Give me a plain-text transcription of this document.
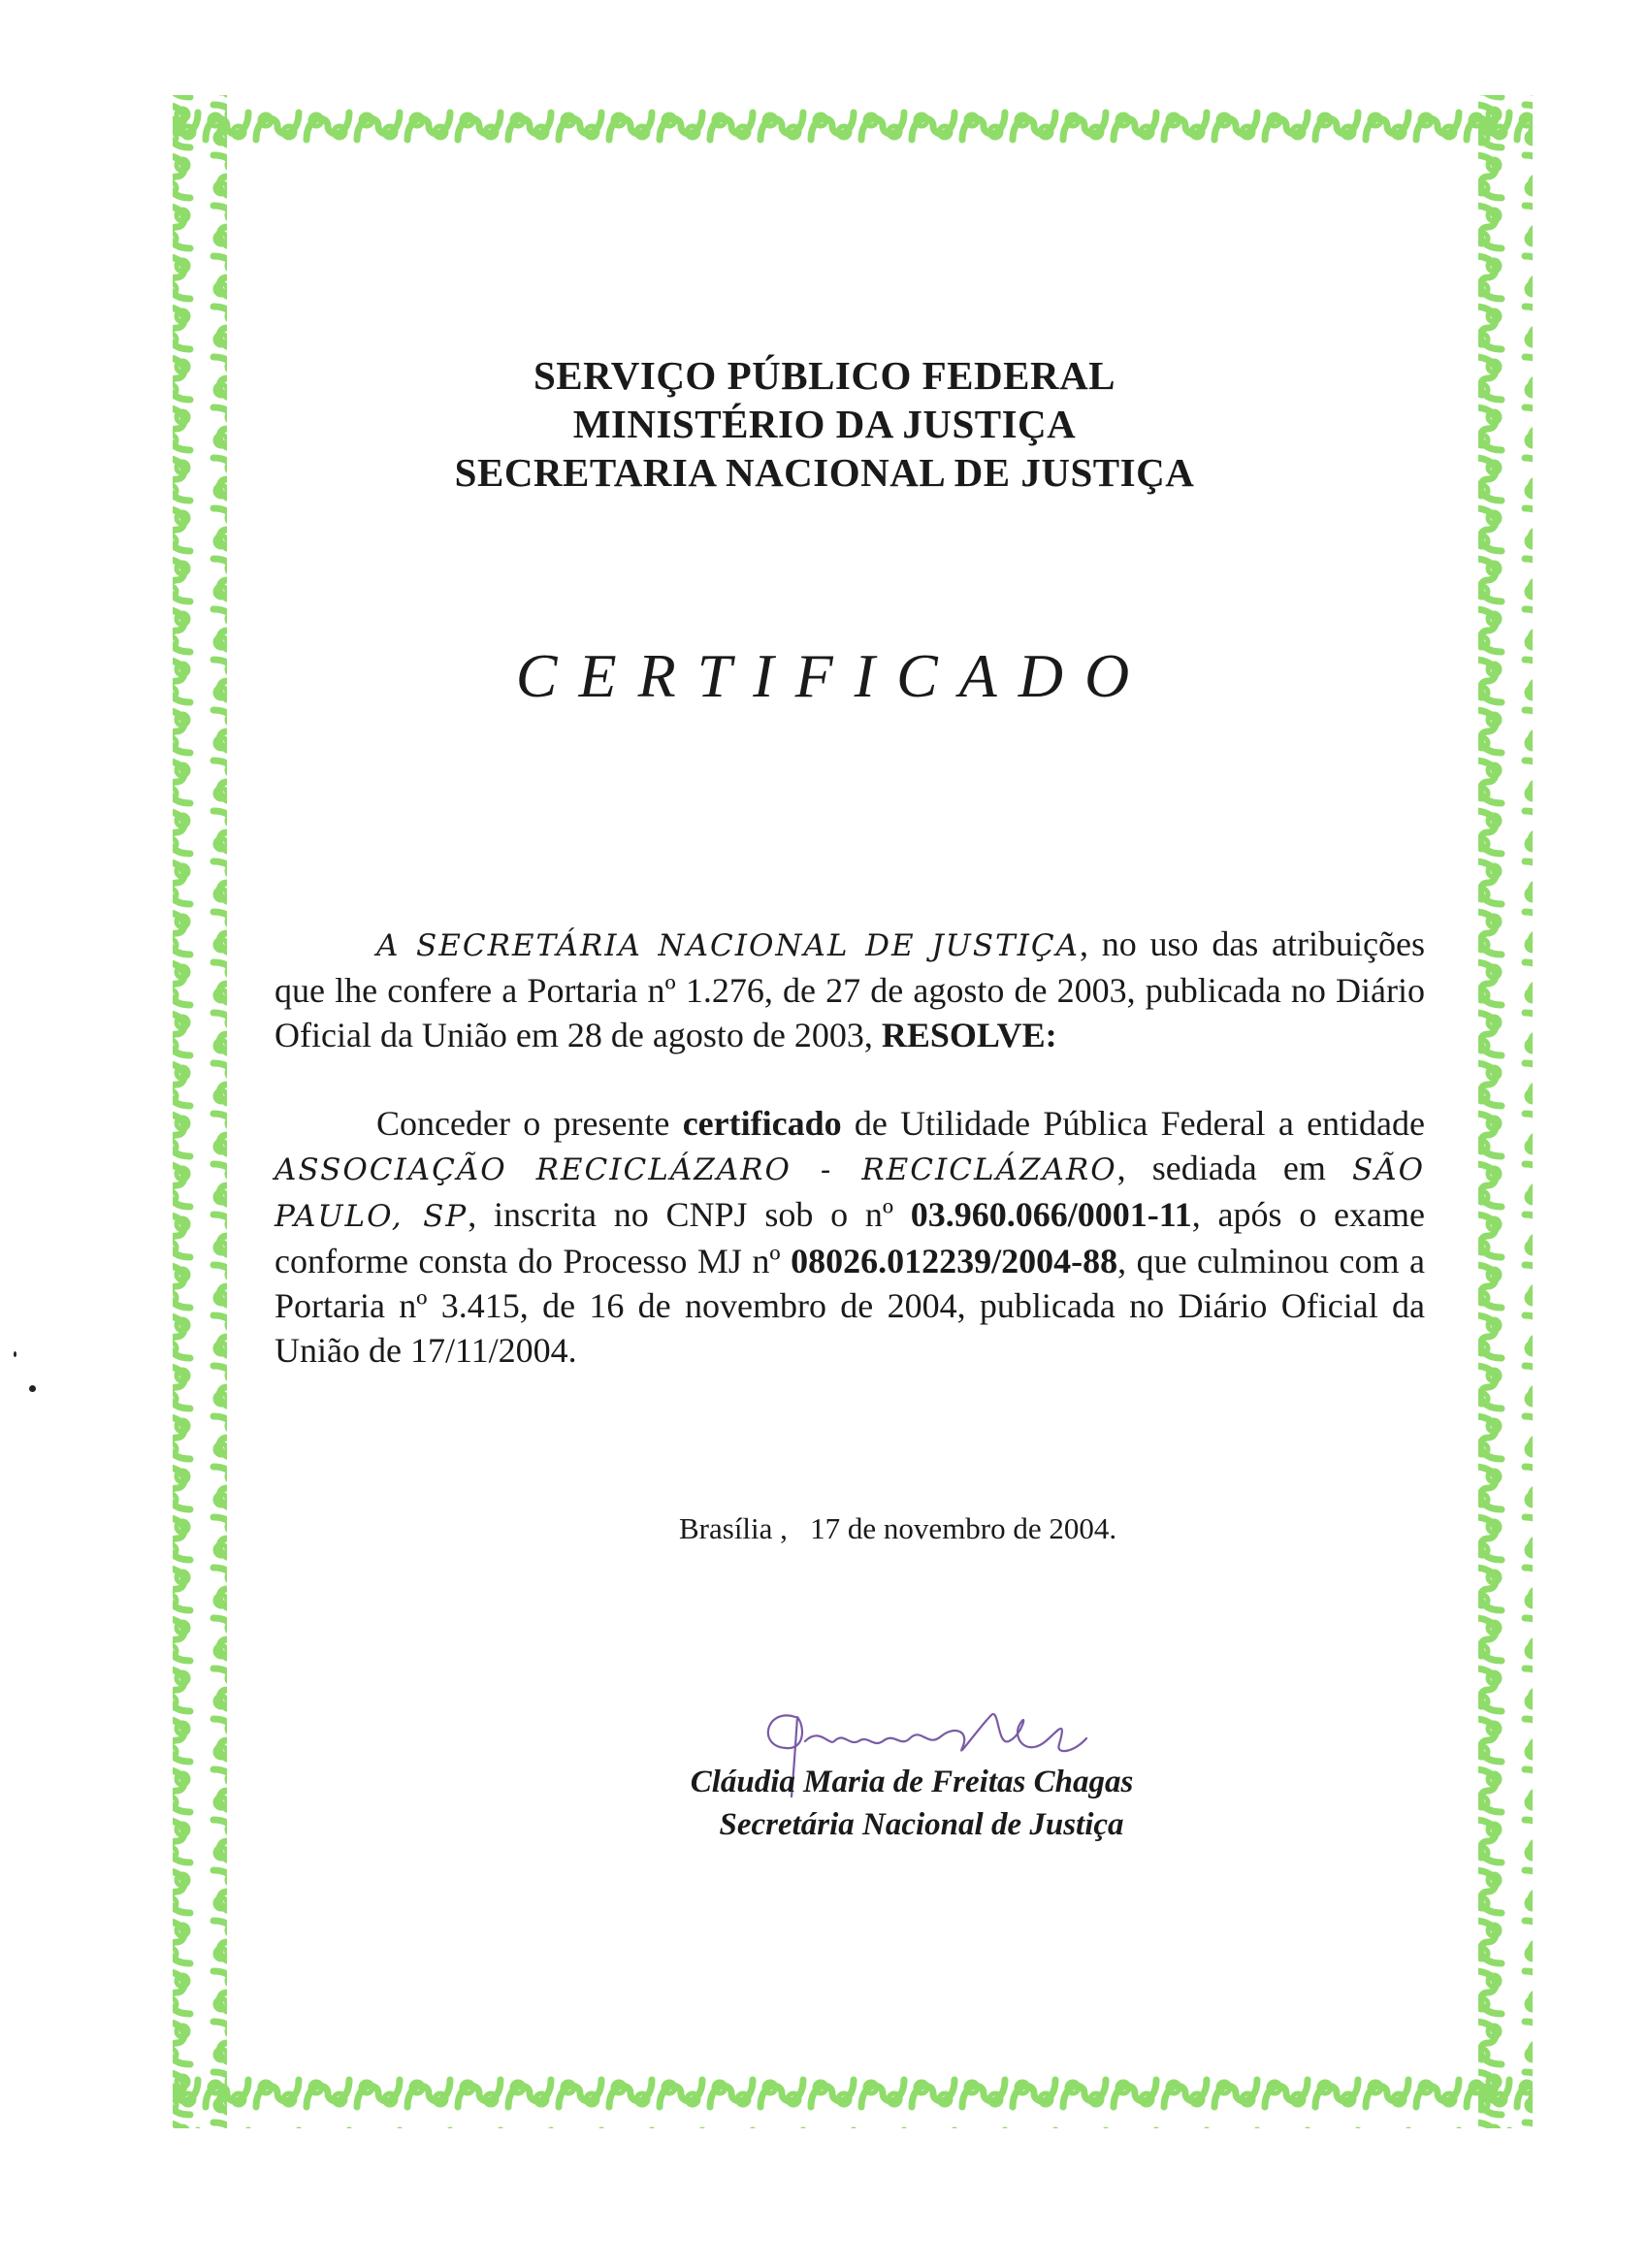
SERVIÇO PÚBLICO FEDERAL
MINISTÉRIO DA JUSTIÇA
SECRETARIA NACIONAL DE JUSTIÇA
CERTIFICADO
A SECRETÁRIA NACIONAL DE JUSTIÇA, no uso das atribuições que lhe confere a Portaria nº 1.276, de 27 de agosto de 2003, publicada no Diário Oficial da União em 28 de agosto de 2003, RESOLVE:
Conceder o presente certificado de Utilidade Pública Federal a entidade ASSOCIAÇÃO RECICLÁZARO - RECICLÁZARO, sediada em SÃO PAULO, SP, inscrita no CNPJ sob o nº 03.960.066/0001-11, após o exame conforme consta do Processo MJ nº 08026.012239/2004-88, que culminou com a Portaria nº 3.415, de 16 de novembro de 2004, publicada no Diário Oficial da União de 17/11/2004.
Brasília ,   17 de novembro de 2004.
Cláudia Maria de Freitas Chagas
Secretária Nacional de Justiça
